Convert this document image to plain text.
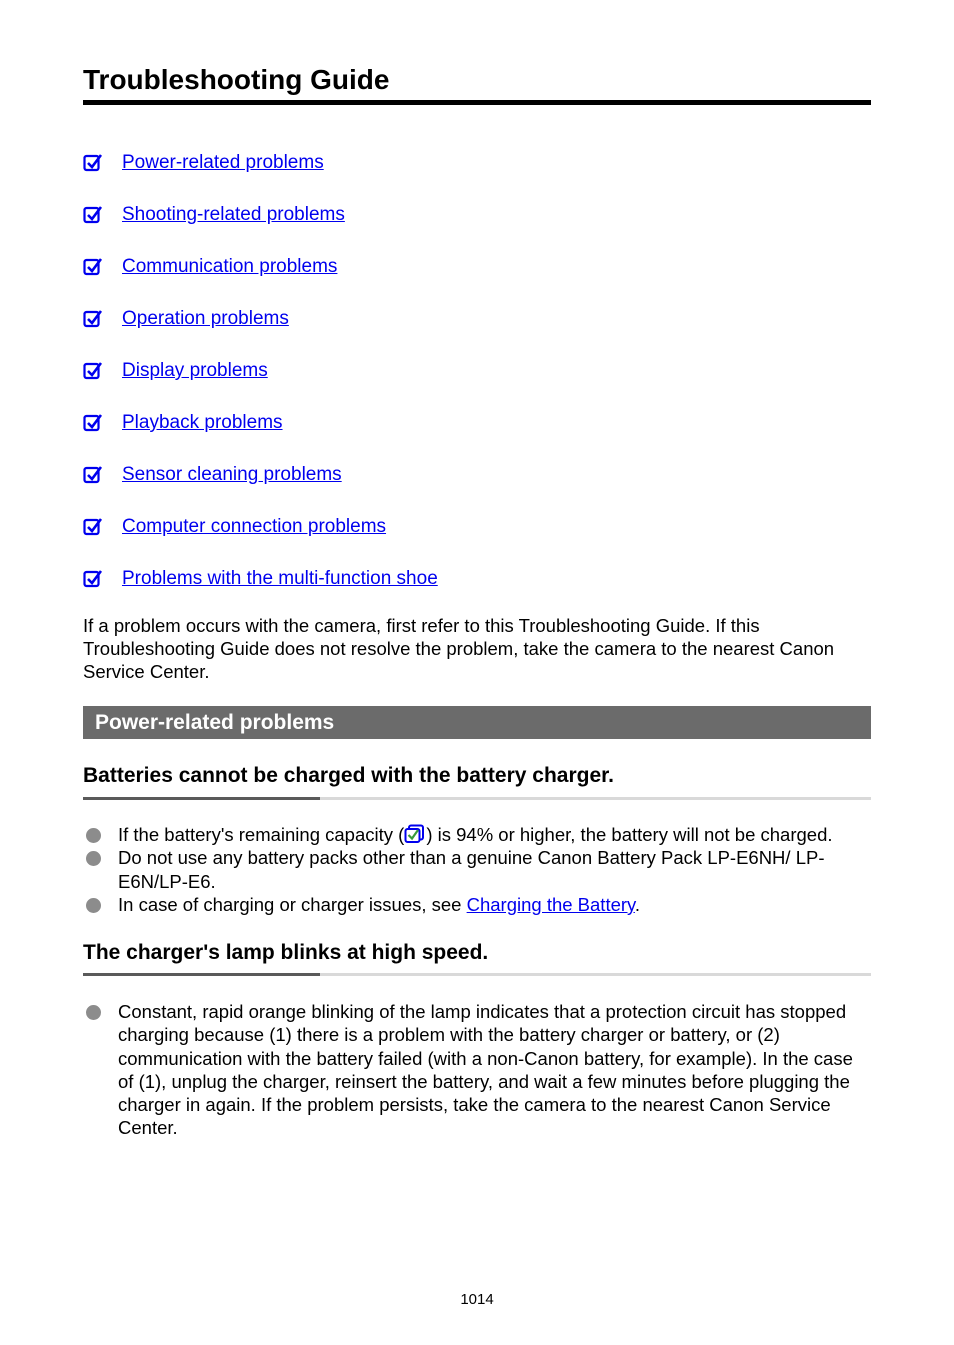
Troubleshooting Guide
Power-related problems
Shooting-related problems
Communication problems
Operation problems
Display problems
Playback problems
Sensor cleaning problems
Computer connection problems
Problems with the multi-function shoe

If a problem occurs with the camera, first refer to this Troubleshooting Guide. If this Troubleshooting Guide does not resolve the problem, take the camera to the nearest Canon Service Center.

Power-related problems
Batteries cannot be charged with the battery charger.
If the battery's remaining capacity ( ) is 94% or higher, the battery will not be charged.
Do not use any battery packs other than a genuine Canon Battery Pack LP-E6NH/ LP-E6N/LP-E6.
In case of charging or charger issues, see Charging the Battery.
The charger's lamp blinks at high speed.
Constant, rapid orange blinking of the lamp indicates that a protection circuit has stopped charging because (1) there is a problem with the battery charger or battery, or (2) communication with the battery failed (with a non-Canon battery, for example). In the case of (1), unplug the charger, reinsert the battery, and wait a few minutes before plugging the charger in again. If the problem persists, take the camera to the nearest Canon Service Center.
1014
